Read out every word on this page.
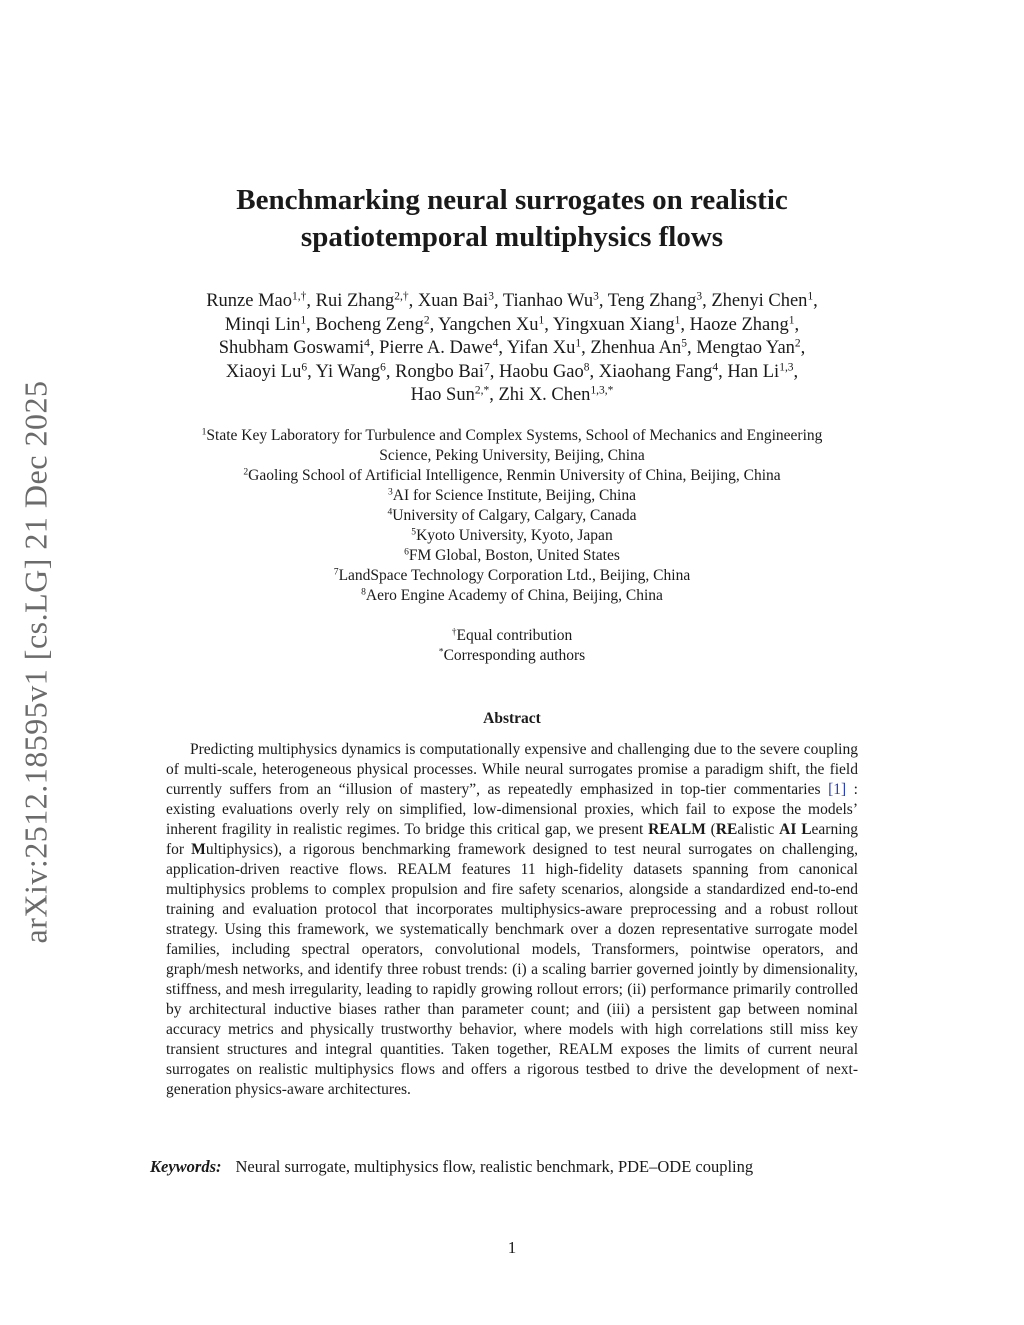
arXiv:2512.18595v1 [cs.LG] 21 Dec 2025
Benchmarking neural surrogates on realistic
spatiotemporal multiphysics flows
Runze Mao$^{1,\dagger}$, Rui Zhang$^{2,\dagger}$, Xuan Bai$^3$, Tianhao Wu$^3$, Teng Zhang$^3$, Zhenyi Chen$^1$,
Minqi Lin$^1$, Bocheng Zeng$^2$, Yangchen Xu$^1$, Yingxuan Xiang$^1$, Haoze Zhang$^1$,
Shubham Goswami$^4$, Pierre A. Dawe$^4$, Yifan Xu$^1$, Zhenhua An$^5$, Mengtao Yan$^2$,
Xiaoyi Lu$^6$, Yi Wang$^6$, Rongbo Bai$^7$, Haobu Gao$^8$, Xiaohang Fang$^4$, Han Li$^{1,3}$,
Hao Sun$^{2,*}$, Zhi X. Chen$^{1,3,*}$
$^1$State Key Laboratory for Turbulence and Complex Systems, School of Mechanics and Engineering
Science, Peking University, Beijing, China
$^2$Gaoling School of Artificial Intelligence, Renmin University of China, Beijing, China
$^3$AI for Science Institute, Beijing, China
$^4$University of Calgary, Calgary, Canada
$^5$Kyoto University, Kyoto, Japan
$^6$FM Global, Boston, United States
$^7$LandSpace Technology Corporation Ltd., Beijing, China
$^8$Aero Engine Academy of China, Beijing, China
†Equal contribution
*Corresponding authors
Abstract

Predicting multiphysics dynamics is computationally expensive and challenging due to the severe coupling of multi-scale, heterogeneous physical processes. While neural surrogates promise a paradigm shift, the field currently suffers from an “illusion of mastery”, as repeatedly emphasized in top-tier commentaries [1] : existing evaluations overly rely on simplified, low-dimensional proxies, which fail to expose the models’ inherent fragility in realistic regimes. To bridge this critical gap, we present REALM (REalistic AI Learning for Multiphysics), a rigorous benchmarking framework designed to test neural surrogates on challenging, application-driven reactive flows. REALM features 11 high-fidelity datasets spanning from canonical multiphysics problems to complex propulsion and fire safety scenarios, alongside a standardized end-to-end training and evaluation protocol that incorporates multiphysics-aware preprocessing and a robust rollout strategy. Using this framework, we systematically benchmark over a dozen representative surrogate model families, including spectral operators, convolutional models, Transformers, pointwise operators, and graph/mesh networks, and identify three robust trends: (i) a scaling barrier governed jointly by dimensionality, stiffness, and mesh irregularity, leading to rapidly growing rollout errors; (ii) performance primarily controlled by architectural inductive biases rather than parameter count; and (iii) a persistent gap between nominal accuracy metrics and physically trustworthy behavior, where models with high correlations still miss key transient structures and integral quantities. Taken together, REALM exposes the limits of current neural surrogates on realistic multiphysics flows and offers a rigorous testbed to drive the development of next-generation physics-aware architectures.

Keywords: Neural surrogate, multiphysics flow, realistic benchmark, PDE–ODE coupling
1
